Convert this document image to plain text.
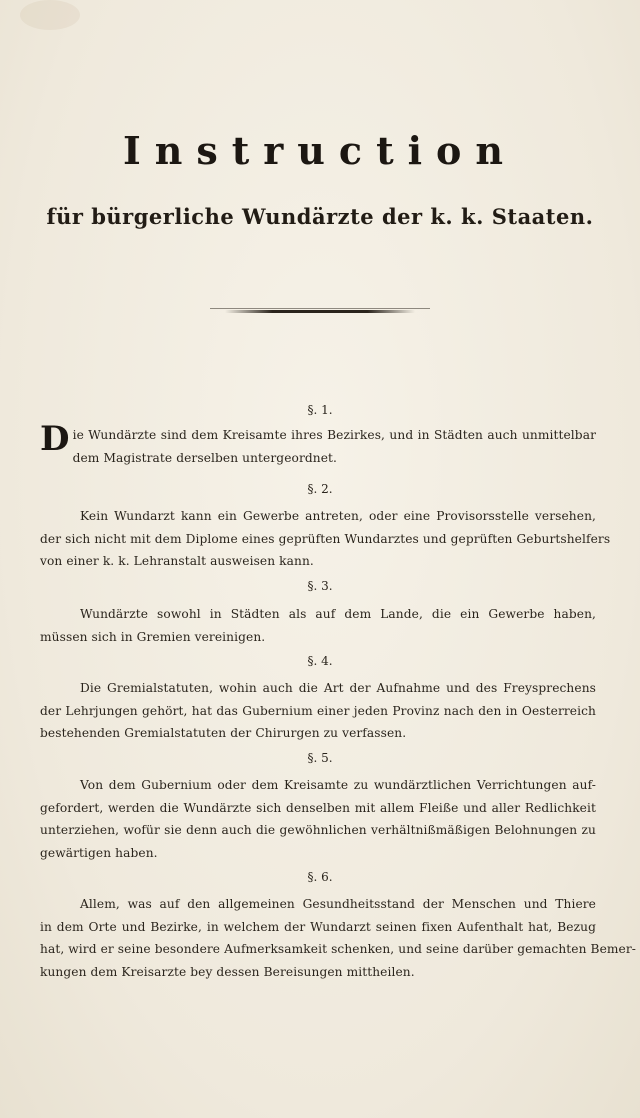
Instruction
für bürgerliche Wundärzte der k. k. Staaten.
§. 1.
D ie Wundärzte sind dem Kreisamte ihres Bezirkes, und in Städten auch unmittelbar
dem Magistrate derselben untergeordnet.
§. 2.
Kein Wundarzt kann ein Gewerbe antreten, oder eine Provisorsstelle versehen,
der sich nicht mit dem Diplome eines geprüften Wundarztes und geprüften Geburtshelfers
von einer k. k. Lehranstalt ausweisen kann.
§. 3.
Wundärzte sowohl in Städten als auf dem Lande, die ein Gewerbe haben,
müssen sich in Gremien vereinigen.
§. 4.
Die Gremialstatuten, wohin auch die Art der Aufnahme und des Freysprechens
der Lehrjungen gehört, hat das Gubernium einer jeden Provinz nach den in Oesterreich
bestehenden Gremialstatuten der Chirurgen zu verfassen.
§. 5.
Von dem Gubernium oder dem Kreisamte zu wundärztlichen Verrichtungen auf-
gefordert, werden die Wundärzte sich denselben mit allem Fleiße und aller Redlichkeit
unterziehen, wofür sie denn auch die gewöhnlichen verhältnißmäßigen Belohnungen zu
gewärtigen haben.
§. 6.
Allem, was auf den allgemeinen Gesundheitsstand der Menschen und Thiere
in dem Orte und Bezirke, in welchem der Wundarzt seinen fixen Aufenthalt hat, Bezug
hat, wird er seine besondere Aufmerksamkeit schenken, und seine darüber gemachten Bemer-
kungen dem Kreisarzte bey dessen Bereisungen mittheilen.
